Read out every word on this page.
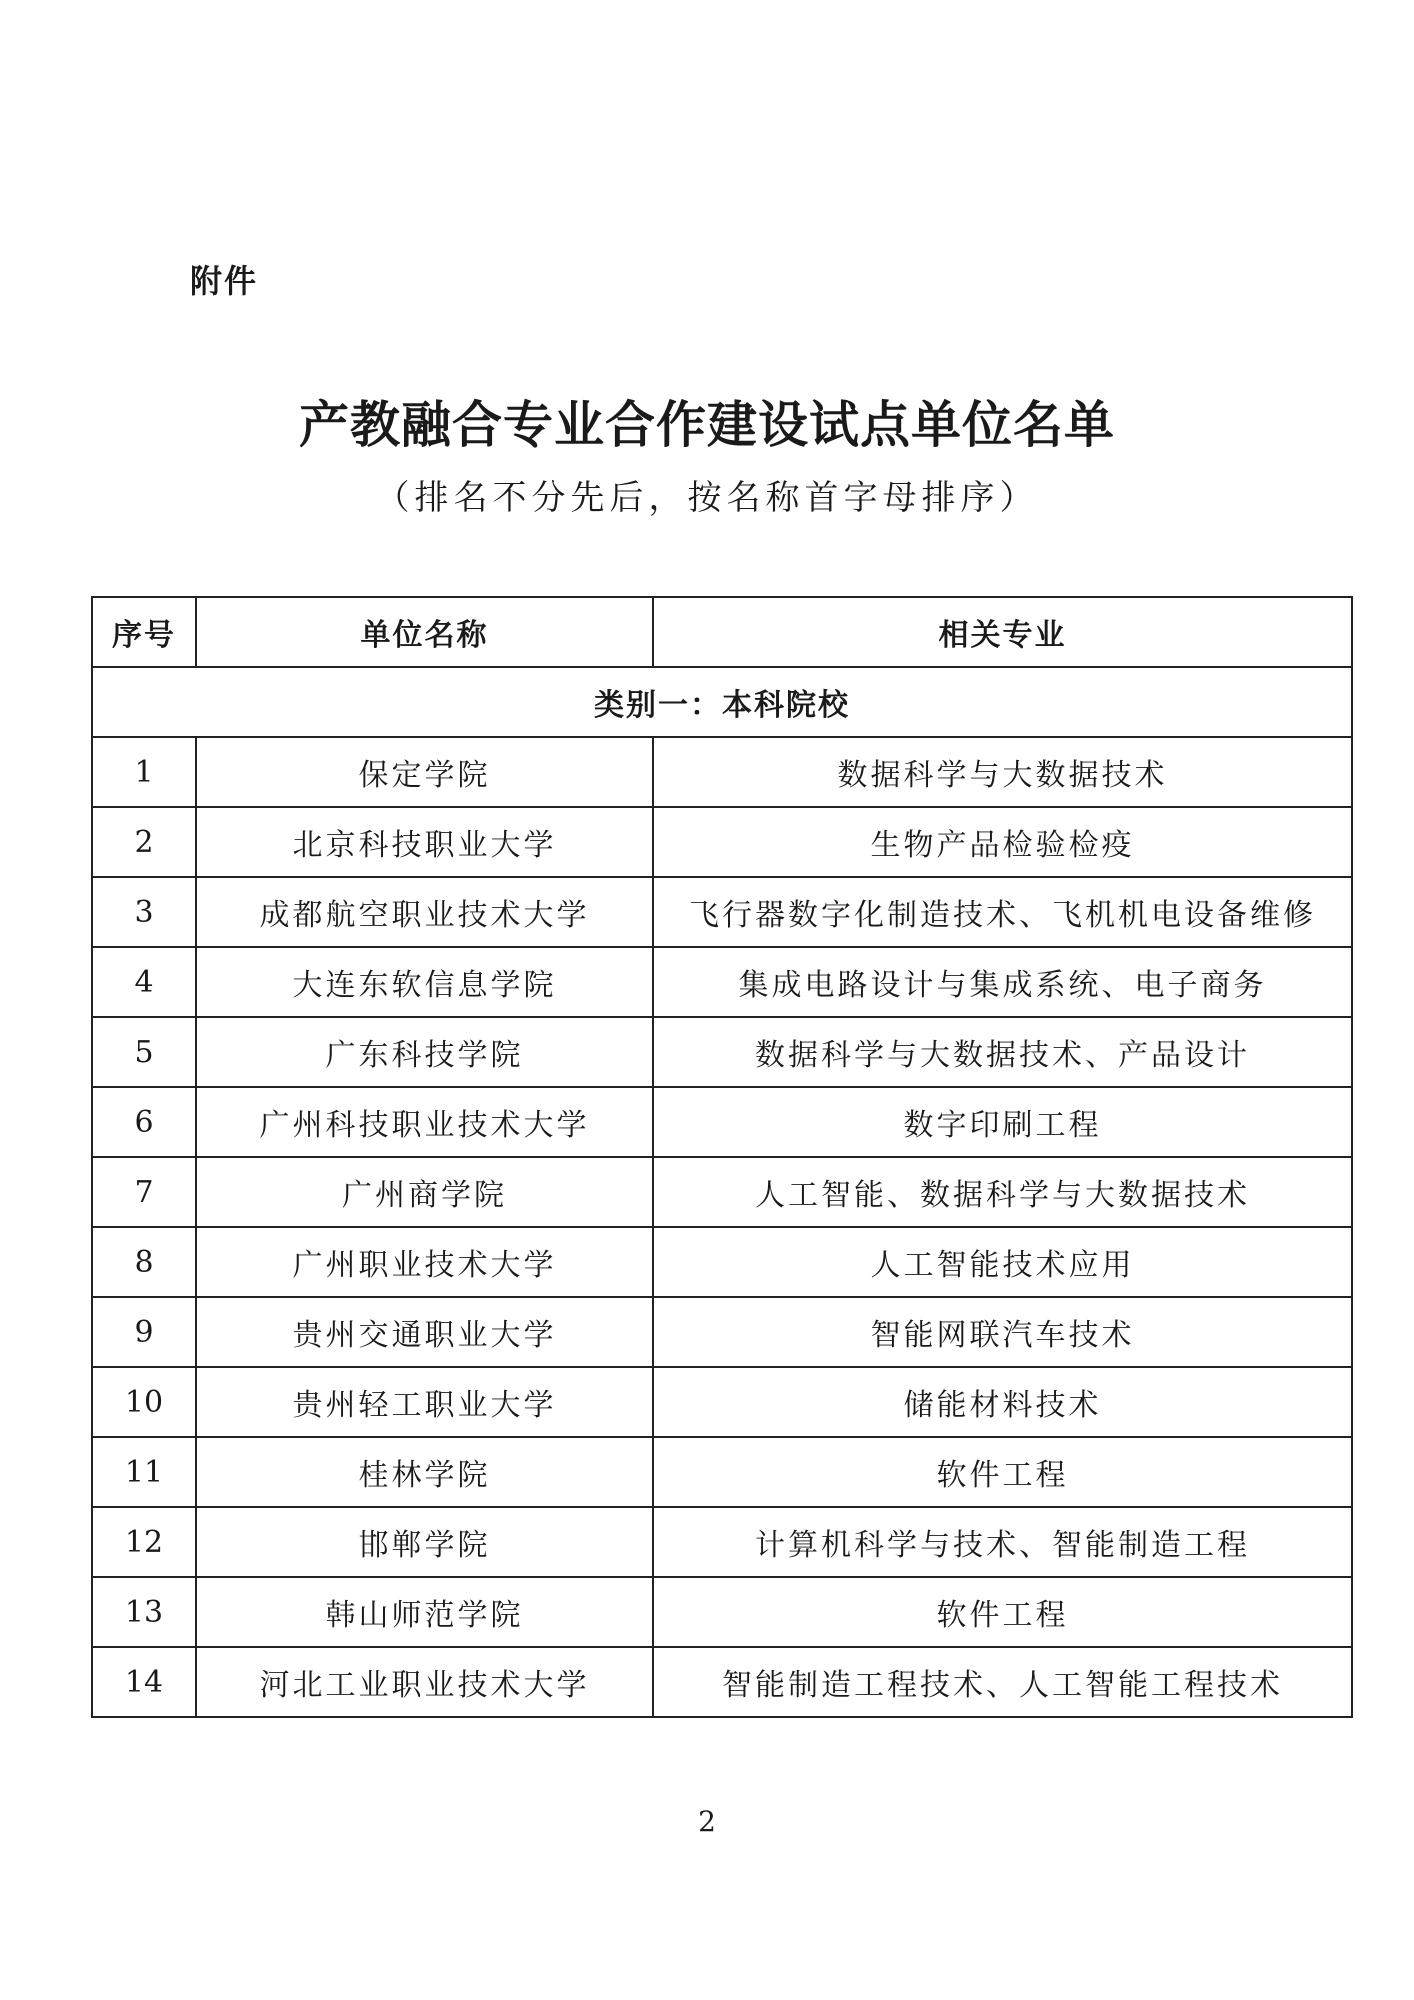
附件
产教融合专业合作建设试点单位名单
（排名不分先后，按名称首字母排序）
序号	单位名称	相关专业
类别一：本科院校		
1	保定学院	数据科学与大数据技术
2	北京科技职业大学	生物产品检验检疫
3	成都航空职业技术大学	飞行器数字化制造技术、飞机机电设备维修
4	大连东软信息学院	集成电路设计与集成系统、电子商务
5	广东科技学院	数据科学与大数据技术、产品设计
6	广州科技职业技术大学	数字印刷工程
7	广州商学院	人工智能、数据科学与大数据技术
8	广州职业技术大学	人工智能技术应用
9	贵州交通职业大学	智能网联汽车技术
10	贵州轻工职业大学	储能材料技术
11	桂林学院	软件工程
12	邯郸学院	计算机科学与技术、智能制造工程
13	韩山师范学院	软件工程
14	河北工业职业技术大学	智能制造工程技术、人工智能工程技术
2
